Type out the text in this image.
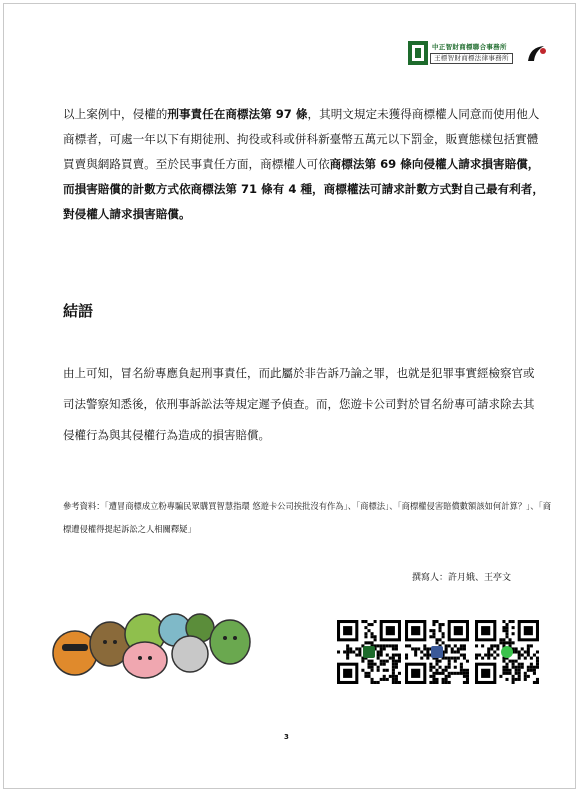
中正智財商標聯合事務所
王標智財商標法律事務所
以上案例中，侵權的刑事責任在商標法第 97 條，其明文規定未獲得商標權人同意而使用他人商標者，可處一年以下有期徒刑、拘役或科或併科新臺幣五萬元以下罰金，販賣態樣包括實體買賣與網路買賣。至於民事責任方面，商標權人可依商標法第 69 條向侵權人請求損害賠償，而損害賠償的計數方式依商標法第 71 條有 4 種，商標權法可請求計數方式對自己最有利者，對侵權人請求損害賠償。
結語
由上可知，冒名紛專應負起刑事責任，而此屬於非告訴乃論之罪，也就是犯罪事實經檢察官或司法警察知悉後，依刑事訴訟法等規定遲予偵查。而，您遊卡公司對於冒名紛專可請求除去其侵權行為與其侵權行為造成的損害賠償。
參考資料：「遭冒商標成立粉專騙民眾購買智慧指環 悠遊卡公司挨批沒有作為」、「商標法」、「商標權侵害賠償數額該如何計算？」、「商標遭侵權得提起訴訟之人相關釋疑」
撰寫人：許月娥、王亭文
3
